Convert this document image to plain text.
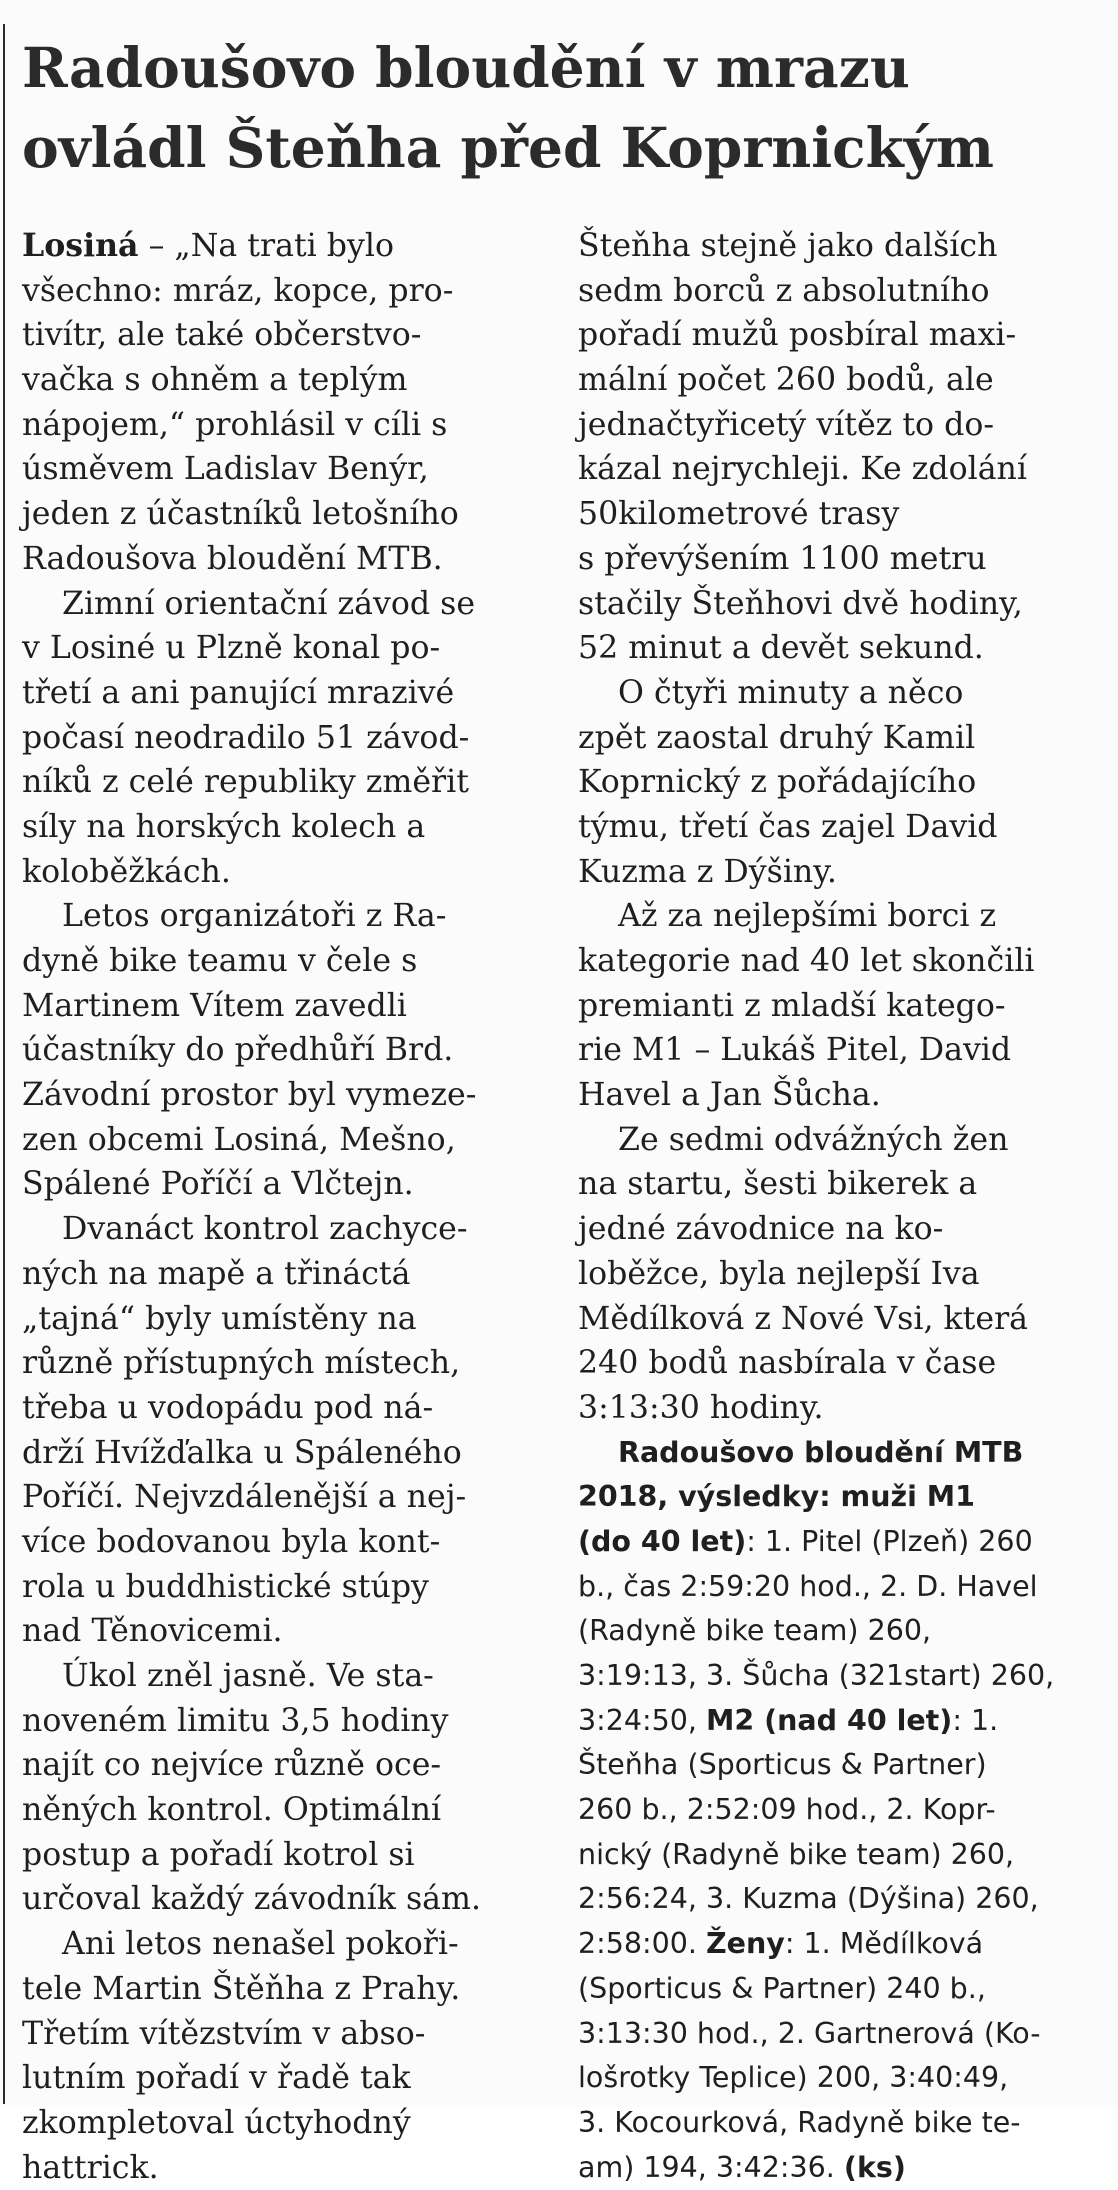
Radoušovo bloudění v mrazu
ovládl Šteňha před Koprnickým
Losiná – „Na trati bylo
všechno: mráz, kopce, pro-
tivítr, ale také občerstvo-
vačka s ohněm a teplým
nápojem,“ prohlásil v cíli s
úsměvem Ladislav Benýr,
jeden z účastníků letošního
Radoušova bloudění MTB.
Zimní orientační závod se
v Losiné u Plzně konal po-
třetí a ani panující mrazivé
počasí neodradilo 51 závod-
níků z celé republiky změřit
síly na horských kolech a
koloběžkách.
Letos organizátoři z Ra-
dyně bike teamu v čele s
Martinem Vítem zavedli
účastníky do předhůří Brd.
Závodní prostor byl vymeze-
zen obcemi Losiná, Mešno,
Spálené Poříčí a Vlčtejn.
Dvanáct kontrol zachyce-
ných na mapě a třináctá
„tajná“ byly umístěny na
různě přístupných místech,
třeba u vodopádu pod ná-
drží Hvížďalka u Spáleného
Poříčí. Nejvzdálenější a nej-
více bodovanou byla kont-
rola u buddhistické stúpy
nad Těnovicemi.
Úkol zněl jasně. Ve sta-
noveném limitu 3,5 hodiny
najít co nejvíce různě oce-
něných kontrol. Optimální
postup a pořadí kotrol si
určoval každý závodník sám.
Ani letos nenašel pokoři-
tele Martin Štěňha z Prahy.
Třetím vítězstvím v abso-
lutním pořadí v řadě tak
zkompletoval úctyhodný
hattrick.
Šteňha stejně jako dalších
sedm borců z absolutního
pořadí mužů posbíral maxi-
mální počet 260 bodů, ale
jednačtyřicetý vítěz to do-
kázal nejrychleji. Ke zdolání
50kilometrové trasy
s převýšením 1100 metru
stačily Šteňhovi dvě hodiny,
52 minut a devět sekund.
O čtyři minuty a něco
zpět zaostal druhý Kamil
Koprnický z pořádajícího
týmu, třetí čas zajel David
Kuzma z Dýšiny.
Až za nejlepšími borci z
kategorie nad 40 let skončili
premianti z mladší katego-
rie M1 – Lukáš Pitel, David
Havel a Jan Šůcha.
Ze sedmi odvážných žen
na startu, šesti bikerek a
jedné závodnice na ko-
loběžce, byla nejlepší Iva
Mědílková z Nové Vsi, která
240 bodů nasbírala v čase
3:13:30 hodiny.
Radoušovo bloudění MTB
2018, výsledky: muži M1
(do 40 let): 1. Pitel (Plzeň) 260
b., čas 2:59:20 hod., 2. D. Havel
(Radyně bike team) 260,
3:19:13, 3. Šůcha (321start) 260,
3:24:50, M2 (nad 40 let): 1.
Šteňha (Sporticus & Partner)
260 b., 2:52:09 hod., 2. Kopr-
nický (Radyně bike team) 260,
2:56:24, 3. Kuzma (Dýšina) 260,
2:58:00. Ženy: 1. Mědílková
(Sporticus & Partner) 240 b.,
3:13:30 hod., 2. Gartnerová (Ko-
lošrotky Teplice) 200, 3:40:49,
3. Kocourková, Radyně bike te-
am) 194, 3:42:36. (ks)
